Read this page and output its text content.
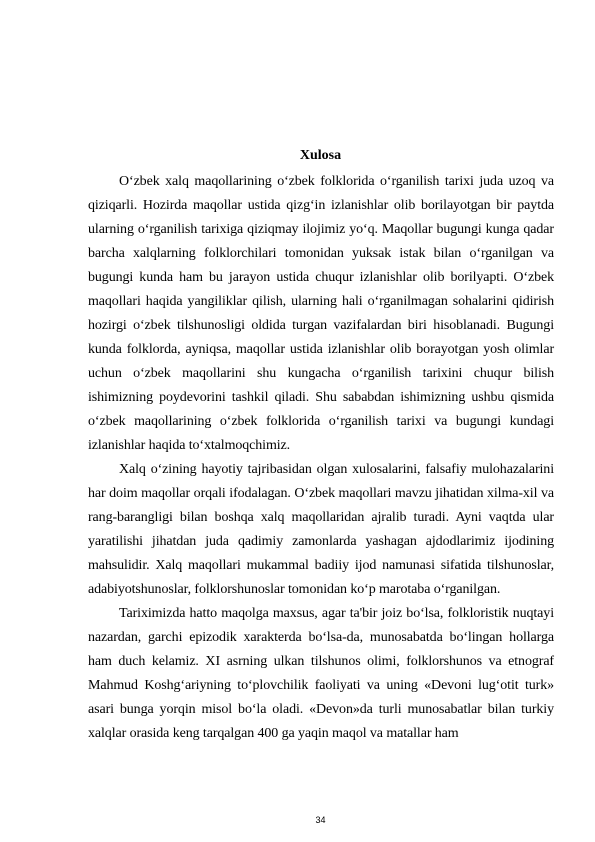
Xulosa

O‘zbek xalq maqollarining o‘zbek folklorida o‘rganilish tarixi juda uzoq va qiziqarli. Hozirda maqollar ustida qizg‘in izlanishlar olib borilayotgan bir paytda ularning o‘rganilish tarixiga qiziqmay ilojimiz yo‘q. Maqollar bugungi kunga qadar barcha xalqlarning folklorchilari tomonidan yuksak istak bilan o‘rganilgan va bugungi kunda ham bu jarayon ustida chuqur izlanishlar olib borilyapti. O‘zbek maqollari haqida yangiliklar qilish, ularning hali o‘rganilmagan sohalarini qidirish hozirgi o‘zbek tilshunosligi oldida turgan vazifalardan biri hisoblanadi. Bugungi kunda folklorda, ayniqsa, maqollar ustida izlanishlar olib borayotgan yosh olimlar uchun o‘zbek maqollarini shu kungacha o‘rganilish tarixini chuqur bilish ishimizning poydevorini tashkil qiladi. Shu sababdan ishimizning ushbu qismida o‘zbek maqollarining o‘zbek folklorida o‘rganilish tarixi va bugungi kundagi izlanishlar haqida to‘xtalmoqchimiz.

Xalq o‘zining hayotiy tajribasidan olgan xulosalarini, falsafiy mulohazalarini har doim maqollar orqali ifodalagan. O‘zbek maqollari mavzu jihatidan xilma-xil va rang-barangligi bilan boshqa xalq maqollaridan ajralib turadi. Ayni vaqtda ular yaratilishi jihatdan juda qadimiy zamonlarda yashagan ajdodlarimiz ijodining mahsulidir. Xalq maqollari mukammal badiiy ijod namunasi sifatida tilshunoslar, adabiyotshunoslar, folklorshunoslar tomonidan ko‘p marotaba o‘rganilgan.

Tariximizda hatto maqolga maxsus, agar ta'bir joiz bo‘lsa, folkloristik nuqtayi nazardan, garchi epizodik xarakterda bo‘lsa-da, munosabatda bo‘lingan hollarga ham duch kelamiz. XI asrning ulkan tilshunos olimi, folklorshunos va etnograf Mahmud Koshg‘ariyning to‘plovchilik faoliyati va uning «Devoni lug‘otit turk» asari bunga yorqin misol bo‘la oladi. «Devon»da turli munosabatlar bilan turkiy xalqlar orasida keng tarqalgan 400 ga yaqin maqol va matallar ham

34
